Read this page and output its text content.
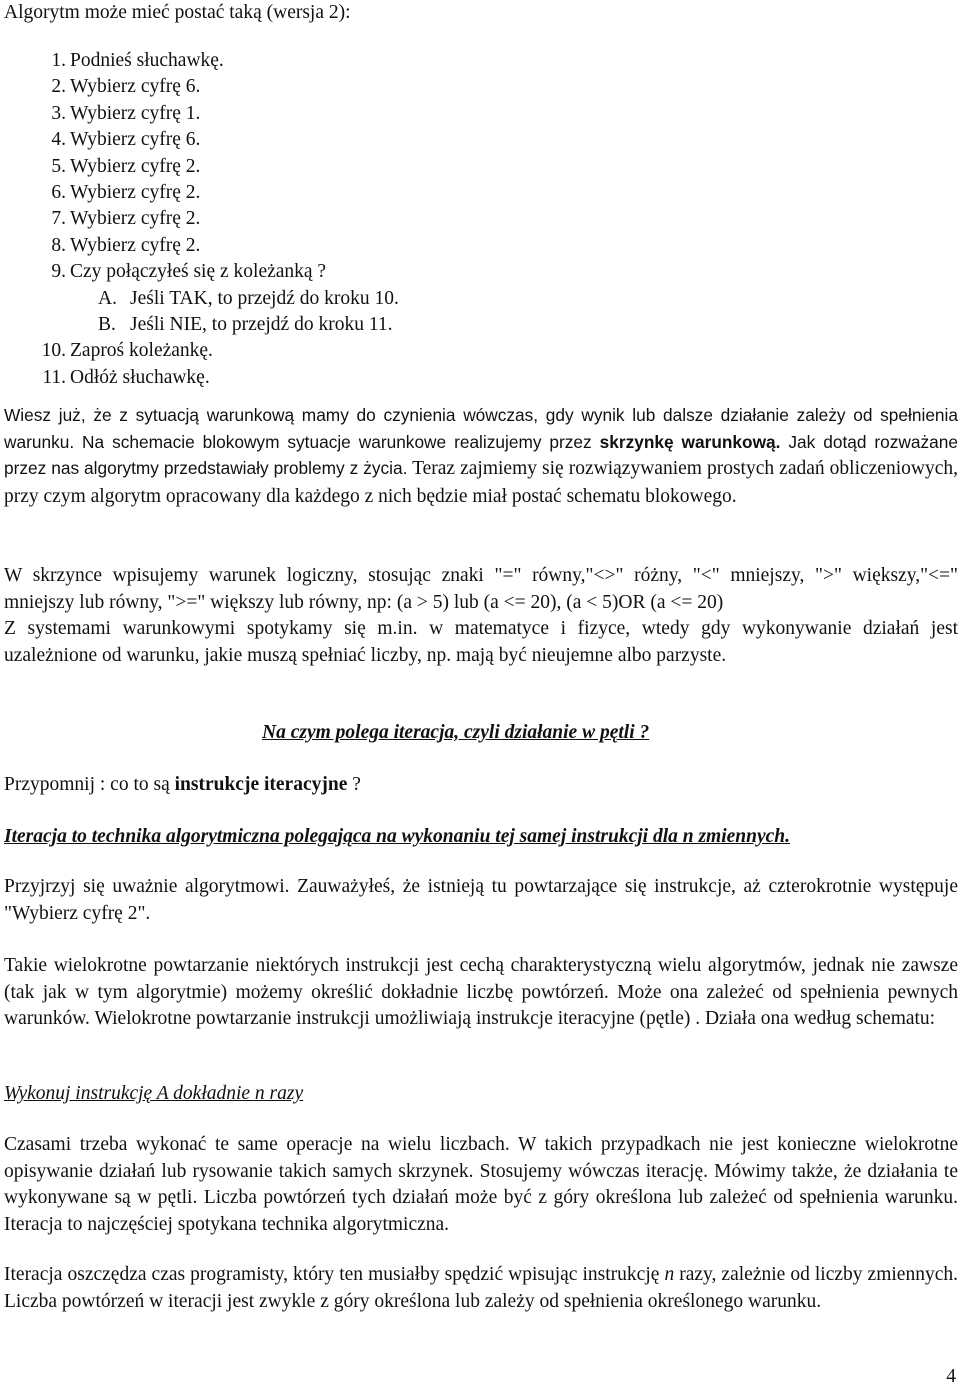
Algorytm może mieć postać taką (wersja 2):
1. Podnieś słuchawkę.
2. Wybierz cyfrę 6.
3. Wybierz cyfrę 1.
4. Wybierz cyfrę 6.
5. Wybierz cyfrę 2.
6. Wybierz cyfrę 2.
7. Wybierz cyfrę 2.
8. Wybierz cyfrę 2.
9. Czy połączyłeś się z koleżanką ?
A. Jeśli TAK, to przejdź do kroku 10.
B. Jeśli NIE, to przejdź do kroku 11.
10. Zaproś koleżankę.
11. Odłóż słuchawkę.
Wiesz już, że z sytuacją warunkową mamy do czynienia wówczas, gdy wynik lub dalsze działanie zależy od spełnienia warunku. Na schemacie blokowym sytuacje warunkowe realizujemy przez skrzynkę warunkową. Jak dotąd rozważane przez nas algorytmy przedstawiały problemy z życia. Teraz zajmiemy się rozwiązywaniem prostych zadań obliczeniowych, przy czym algorytm opracowany dla każdego z nich będzie miał postać schematu blokowego.
W skrzynce wpisujemy warunek logiczny, stosując znaki "=" równy,"<>" różny, "<" mniejszy, ">" większy,"<=" mniejszy lub równy, ">=" większy lub równy, np: (a > 5) lub (a <= 20), (a < 5)OR (a <= 20)
Z systemami warunkowymi spotykamy się m.in. w matematyce i fizyce, wtedy gdy wykonywanie działań jest uzależnione od warunku, jakie muszą spełniać liczby, np. mają być nieujemne albo parzyste.
Na czym polega iteracja, czyli działanie w pętli ?
Przypomnij : co to są instrukcje iteracyjne ?
Iteracja to technika algorytmiczna polegająca na wykonaniu tej samej instrukcji dla n zmiennych.
Przyjrzyj się uważnie algorytmowi. Zauważyłeś, że istnieją tu powtarzające się instrukcje, aż czterokrotnie występuje "Wybierz cyfrę 2".
Takie wielokrotne powtarzanie niektórych instrukcji jest cechą charakterystyczną wielu algorytmów, jednak nie zawsze (tak jak w tym algorytmie) możemy określić dokładnie liczbę powtórzeń. Może ona zależeć od spełnienia pewnych warunków. Wielokrotne powtarzanie instrukcji umożliwiają instrukcje iteracyjne (pętle) . Działa ona według schematu:
Wykonuj instrukcję A dokładnie n razy
Czasami trzeba wykonać te same operacje na wielu liczbach. W takich przypadkach nie jest konieczne wielokrotne opisywanie działań lub rysowanie takich samych skrzynek. Stosujemy wówczas iterację. Mówimy także, że działania te wykonywane są w pętli. Liczba powtórzeń tych działań może być z góry określona lub zależeć od spełnienia warunku. Iteracja to najczęściej spotykana technika algorytmiczna.
Iteracja oszczędza czas programisty, który ten musiałby spędzić wpisując instrukcję n razy, zależnie od liczby zmiennych. Liczba powtórzeń w iteracji jest zwykle z góry określona lub zależy od spełnienia określonego warunku.
4
